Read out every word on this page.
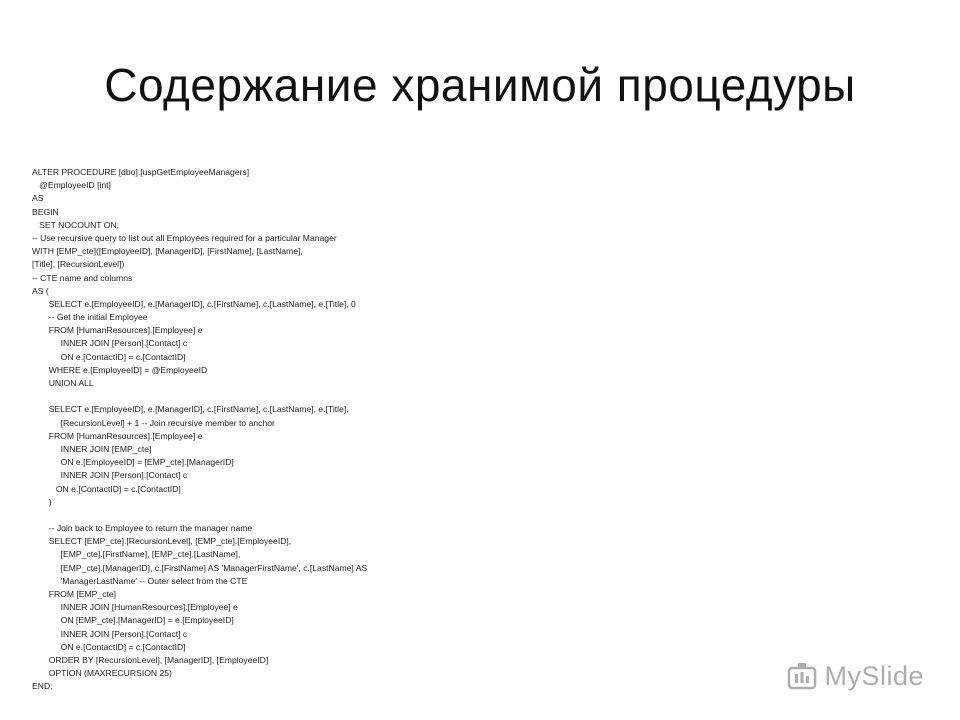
Содержание хранимой процедуры
ALTER PROCEDURE [dbo].[uspGetEmployeeManagers]
@EmployeeID [int]
AS
BEGIN
SET NOCOUNT ON;
-- Use recursive query to list out all Employees required for a particular Manager
WITH [EMP_cte]([EmployeeID], [ManagerID], [FirstName], [LastName],
[Title], [RecursionLevel])
-- CTE name and columns
AS (
SELECT e.[EmployeeID], e.[ManagerID], c.[FirstName], c.[LastName], e.[Title], 0
-- Get the initial Employee
FROM [HumanResources].[Employee] e
INNER JOIN [Person].[Contact] c
ON e.[ContactID] = c.[ContactID]
WHERE e.[EmployeeID] = @EmployeeID
UNION ALL
SELECT e.[EmployeeID], e.[ManagerID], c.[FirstName], c.[LastName], e.[Title],
[RecursionLevel] + 1 -- Join recursive member to anchor
FROM [HumanResources].[Employee] e
INNER JOIN [EMP_cte]
ON e.[EmployeeID] = [EMP_cte].[ManagerID]
INNER JOIN [Person].[Contact] c
ON e.[ContactID] = c.[ContactID]
)
-- Join back to Employee to return the manager name
SELECT [EMP_cte].[RecursionLevel], [EMP_cte].[EmployeeID],
[EMP_cte].[FirstName], [EMP_cte].[LastName],
[EMP_cte].[ManagerID], c.[FirstName] AS 'ManagerFirstName', c.[LastName] AS
'ManagerLastName' -- Outer select from the CTE
FROM [EMP_cte]
INNER JOIN [HumanResources].[Employee] e
ON [EMP_cte].[ManagerID] = e.[EmployeeID]
INNER JOIN [Person].[Contact] c
ON e.[ContactID] = c.[ContactID]
ORDER BY [RecursionLevel], [ManagerID], [EmployeeID]
OPTION (MAXRECURSION 25)
END;	MySlide
